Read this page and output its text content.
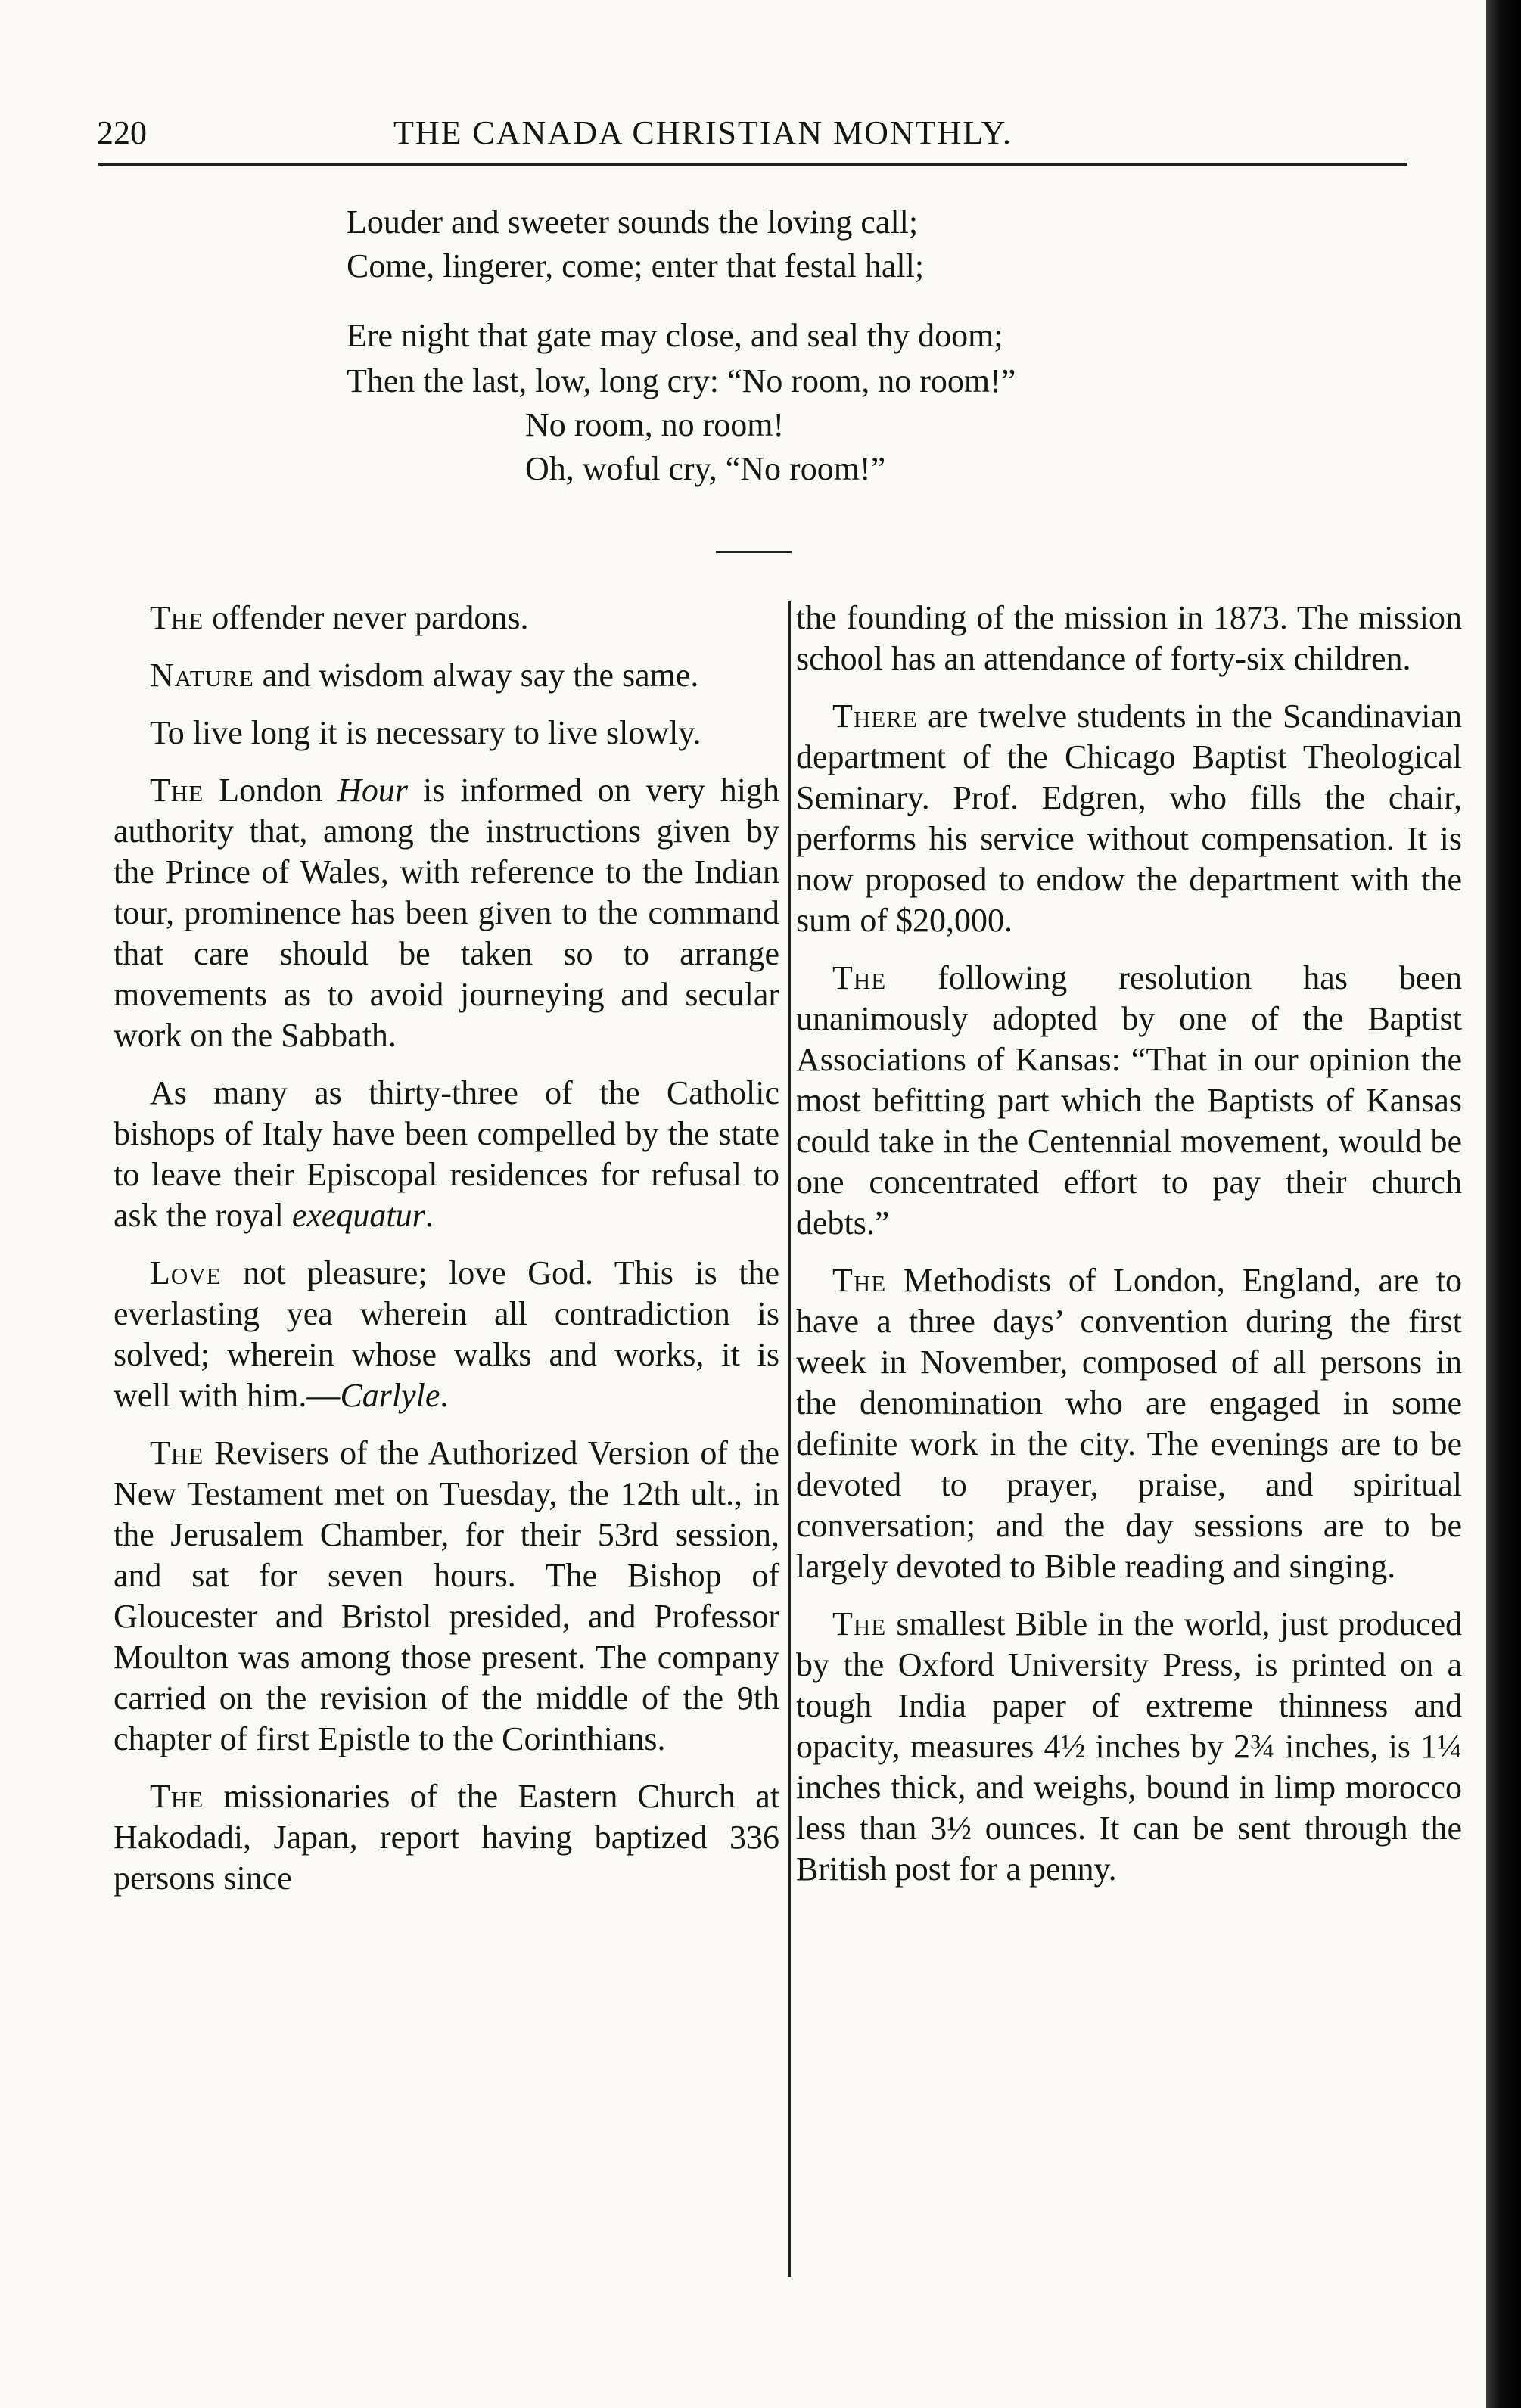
220	THE CANADA CHRISTIAN MONTHLY.
Louder and sweeter sounds the loving call;
Come, lingerer, come; enter that festal hall;
Ere night that gate may close, and seal thy doom;
Then the last, low, long cry: “No room, no room!”
No room, no room!
Oh, woful cry, “No room!”

The offender never pardons.

Nature and wisdom alway say the same.

To live long it is necessary to live slowly.

The London Hour is informed on very high authority that, among the instructions given by the Prince of Wales, with reference to the Indian tour, prominence has been given to the command that care should be taken so to arrange movements as to avoid journeying and secular work on the Sabbath.

As many as thirty-three of the Catholic bishops of Italy have been compelled by the state to leave their Episcopal residences for refusal to ask the royal exequatur.

Love not pleasure; love God. This is the everlasting yea wherein all contradiction is solved; wherein whose walks and works, it is well with him.—Carlyle.

The Revisers of the Authorized Version of the New Testament met on Tuesday, the 12th ult., in the Jerusalem Chamber, for their 53rd session, and sat for seven hours. The Bishop of Gloucester and Bristol presided, and Professor Moulton was among those present. The company carried on the revision of the middle of the 9th chapter of first Epistle to the Corinthians.

The missionaries of the Eastern Church at Hakodadi, Japan, report having baptized 336 persons since

the founding of the mission in 1873. The mission school has an attendance of forty-six children.

There are twelve students in the Scandinavian department of the Chicago Baptist Theological Seminary. Prof. Edgren, who fills the chair, performs his service without compensation. It is now proposed to endow the department with the sum of $20,000.

The following resolution has been unanimously adopted by one of the Baptist Associations of Kansas: “That in our opinion the most befitting part which the Baptists of Kansas could take in the Centennial movement, would be one concentrated effort to pay their church debts.”

The Methodists of London, England, are to have a three days’ convention during the first week in November, composed of all persons in the denomination who are engaged in some definite work in the city. The evenings are to be devoted to prayer, praise, and spiritual conversation; and the day sessions are to be largely devoted to Bible reading and singing.

The smallest Bible in the world, just produced by the Oxford University Press, is printed on a tough India paper of extreme thinness and opacity, measures 4½ inches by 2¾ inches, is 1¼ inches thick, and weighs, bound in limp morocco less than 3½ ounces. It can be sent through the British post for a penny.
